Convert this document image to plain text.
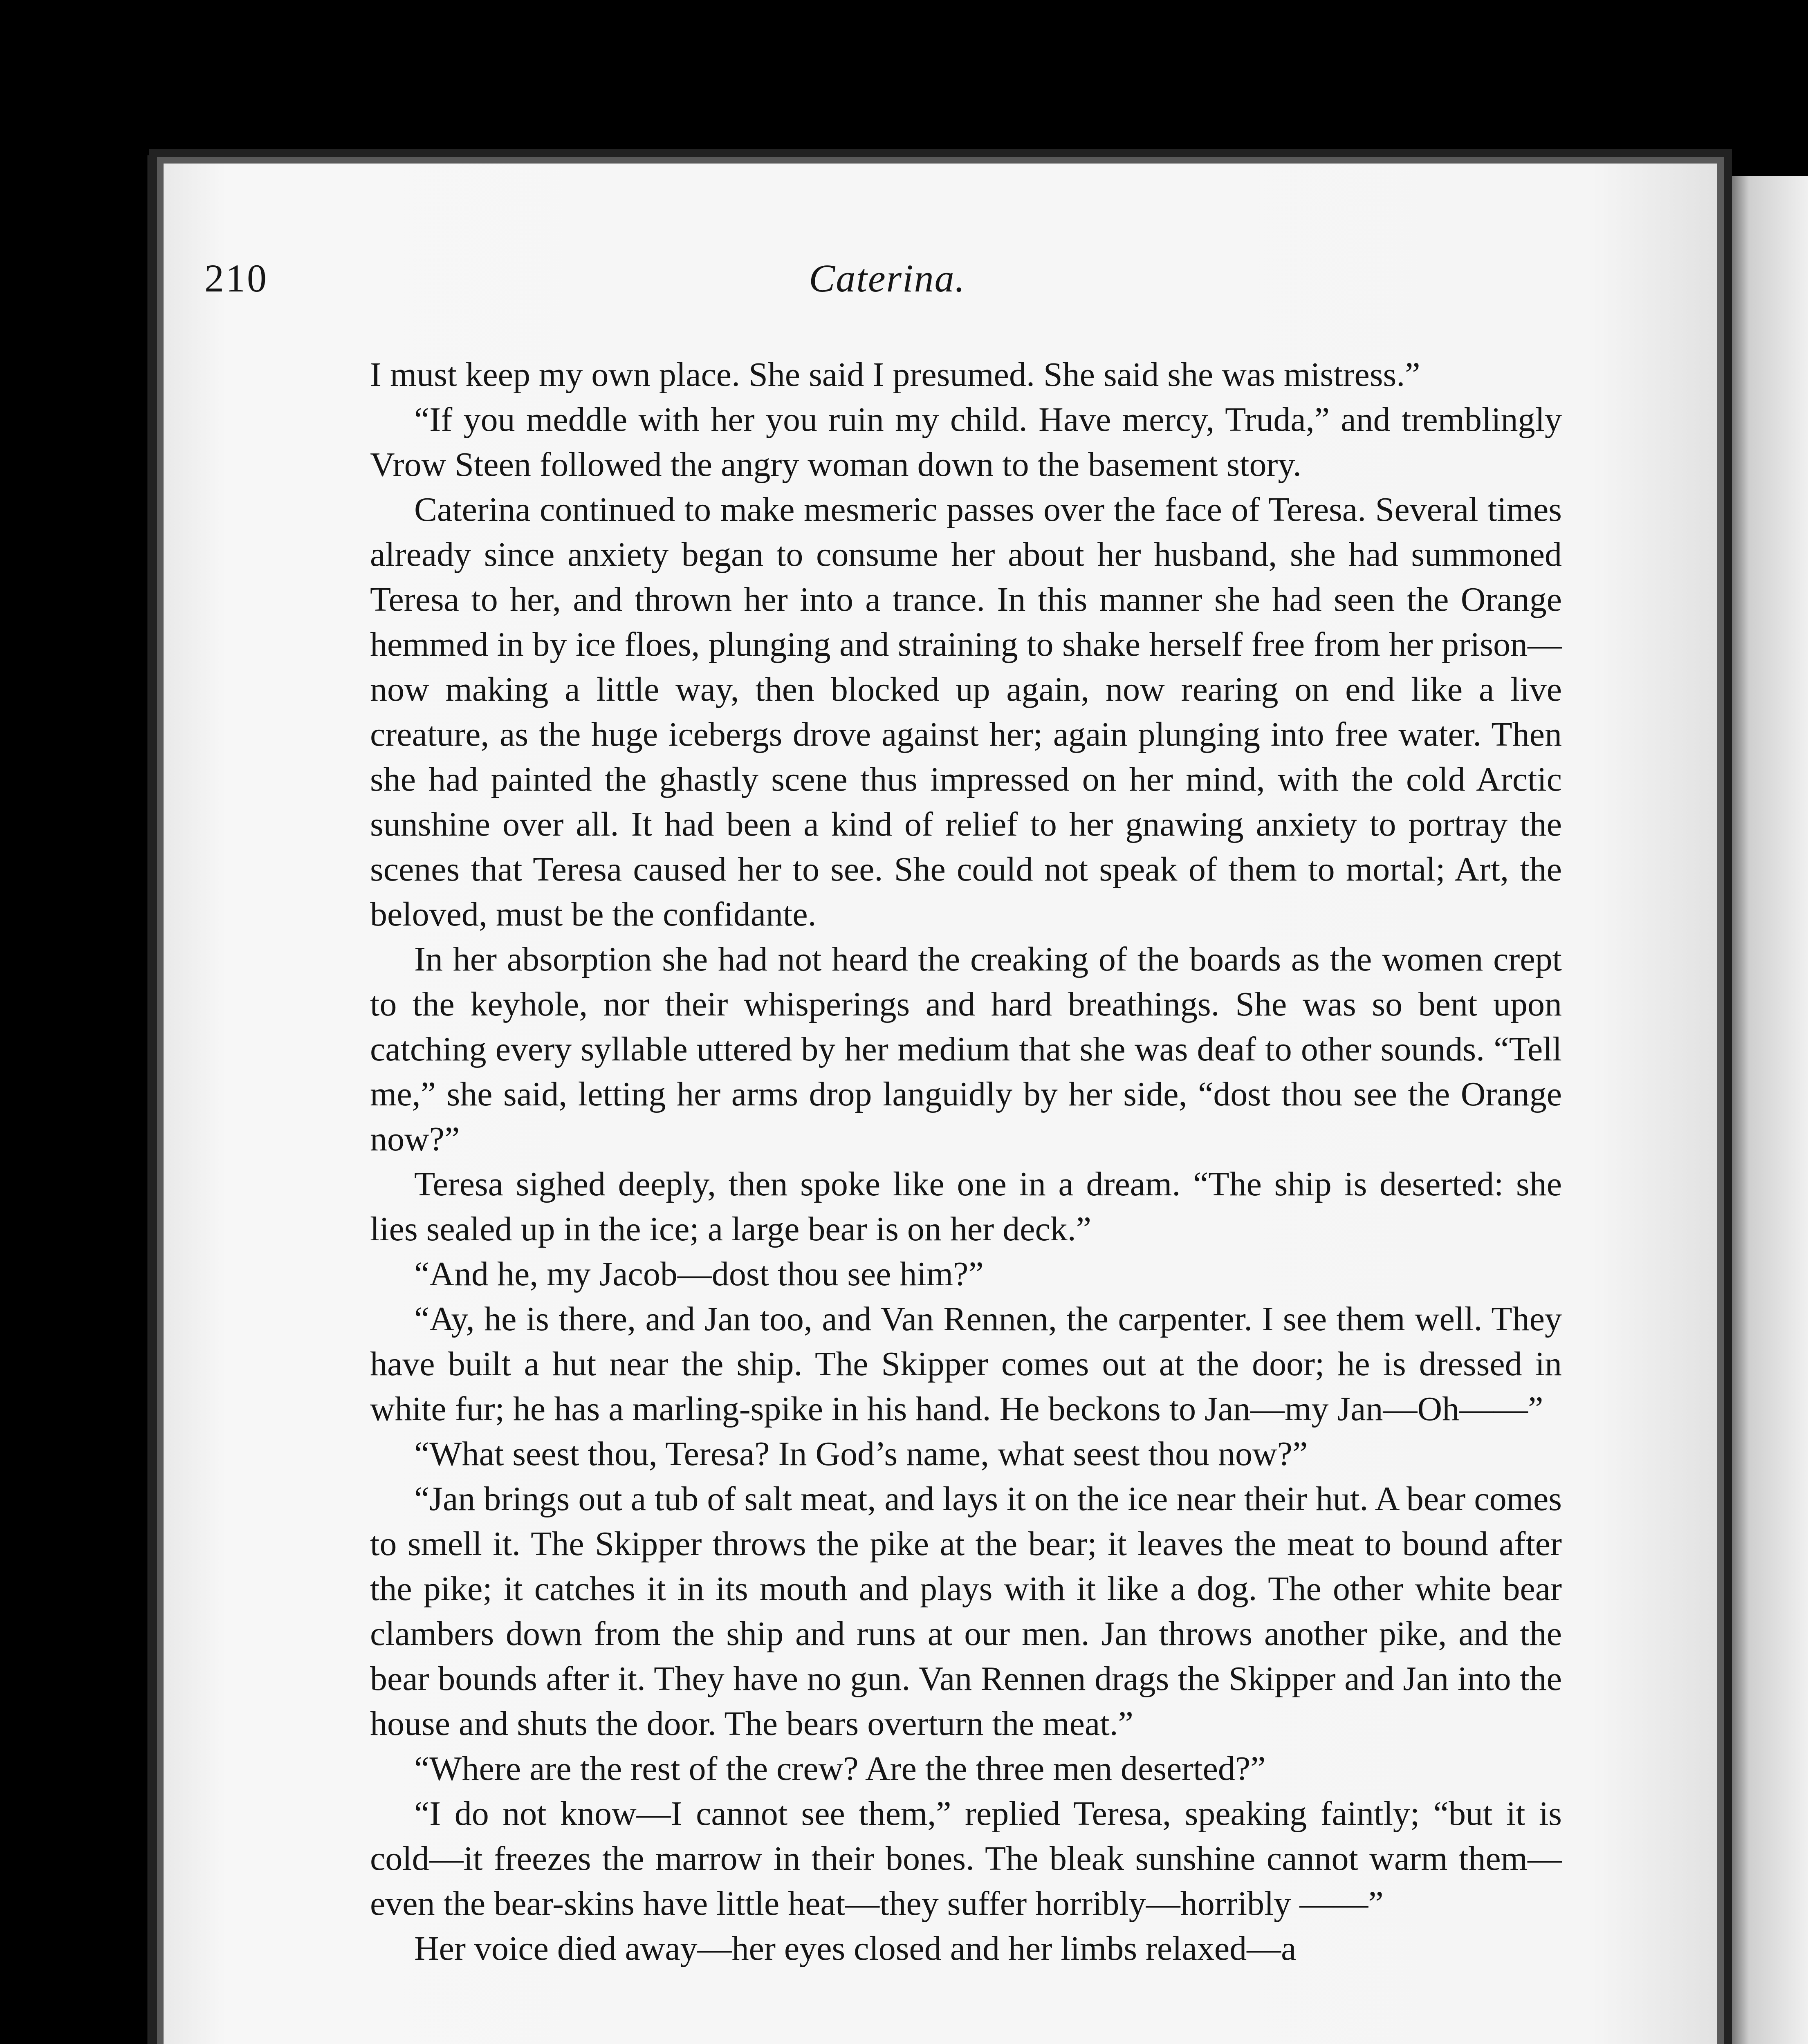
210	Caterina.

I must keep my own place. She said I presumed. She said she was mistress.”

“If you meddle with her you ruin my child. Have mercy, Truda,” and tremblingly Vrow Steen followed the angry woman down to the basement story.

Caterina continued to make mesmeric passes over the face of Teresa. Several times already since anxiety began to consume her about her husband, she had summoned Teresa to her, and thrown her into a trance. In this manner she had seen the Orange hemmed in by ice floes, plunging and straining to shake herself free from her prison—now making a little way, then blocked up again, now rearing on end like a live creature, as the huge icebergs drove against her; again plunging into free water. Then she had painted the ghastly scene thus impressed on her mind, with the cold Arctic sunshine over all. It had been a kind of relief to her gnawing anxiety to portray the scenes that Teresa caused her to see. She could not speak of them to mortal; Art, the beloved, must be the confidante.

In her absorption she had not heard the creaking of the boards as the women crept to the keyhole, nor their whisperings and hard breathings. She was so bent upon catching every syllable uttered by her medium that she was deaf to other sounds. “Tell me,” she said, letting her arms drop languidly by her side, “dost thou see the Orange now?”

Teresa sighed deeply, then spoke like one in a dream. “The ship is deserted: she lies sealed up in the ice; a large bear is on her deck.”

“And he, my Jacob—dost thou see him?”

“Ay, he is there, and Jan too, and Van Rennen, the carpenter. I see them well. They have built a hut near the ship. The Skipper comes out at the door; he is dressed in white fur; he has a marling-spike in his hand. He beckons to Jan—my Jan—Oh——”

“What seest thou, Teresa? In God’s name, what seest thou now?”

“Jan brings out a tub of salt meat, and lays it on the ice near their hut. A bear comes to smell it. The Skipper throws the pike at the bear; it leaves the meat to bound after the pike; it catches it in its mouth and plays with it like a dog. The other white bear clambers down from the ship and runs at our men. Jan throws another pike, and the bear bounds after it. They have no gun. Van Rennen drags the Skipper and Jan into the house and shuts the door. The bears overturn the meat.”

“Where are the rest of the crew? Are the three men deserted?”

“I do not know—I cannot see them,” replied Teresa, speaking faintly; “but it is cold—it freezes the marrow in their bones. The bleak sunshine cannot warm them—even the bear-skins have little heat—they suffer horribly—horribly ——”

Her voice died away—her eyes closed and her limbs relaxed—a
